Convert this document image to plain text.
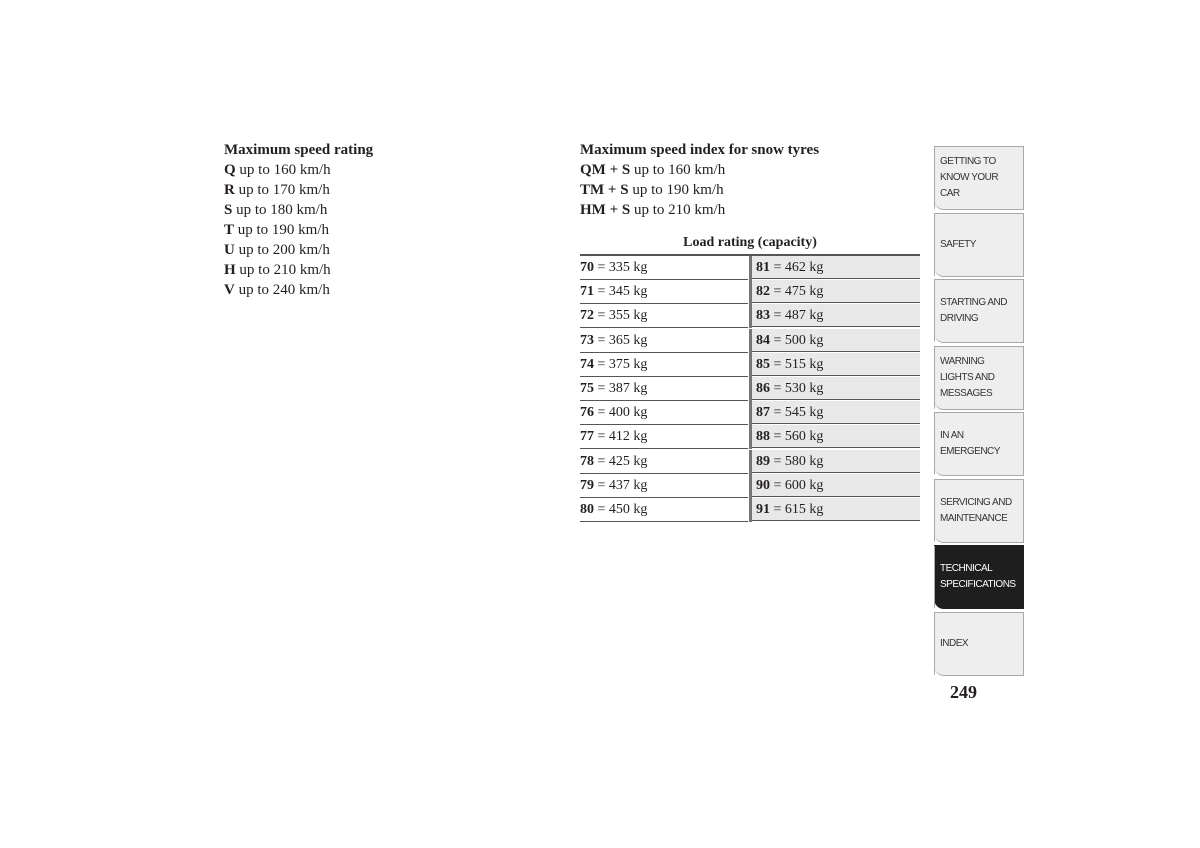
Maximum speed rating
Q up to 160 km/h
R up to 170 km/h
S up to 180 km/h
T up to 190 km/h
U up to 200 km/h
H up to 210 km/h
V up to 240 km/h
Maximum speed index for snow tyres
QM + S up to 160 km/h
TM + S up to 190 km/h
HM + S up to 210 km/h
Load rating (capacity)
70 = 335 kg	81 = 462 kg
71 = 345 kg	82 = 475 kg
72 = 355 kg	83 = 487 kg
73 = 365 kg	84 = 500 kg
74 = 375 kg	85 = 515 kg
75 = 387 kg	86 = 530 kg
76 = 400 kg	87 = 545 kg
77 = 412 kg	88 = 560 kg
78 = 425 kg	89 = 580 kg
79 = 437 kg	90 = 600 kg
80 = 450 kg	91 = 615 kg
GETTING TO KNOW YOUR CAR
SAFETY
STARTING AND DRIVING
WARNING LIGHTS AND MESSAGES
IN AN EMERGENCY
SERVICING AND MAINTENANCE
TECHNICAL SPECIFICATIONS
INDEX
249
